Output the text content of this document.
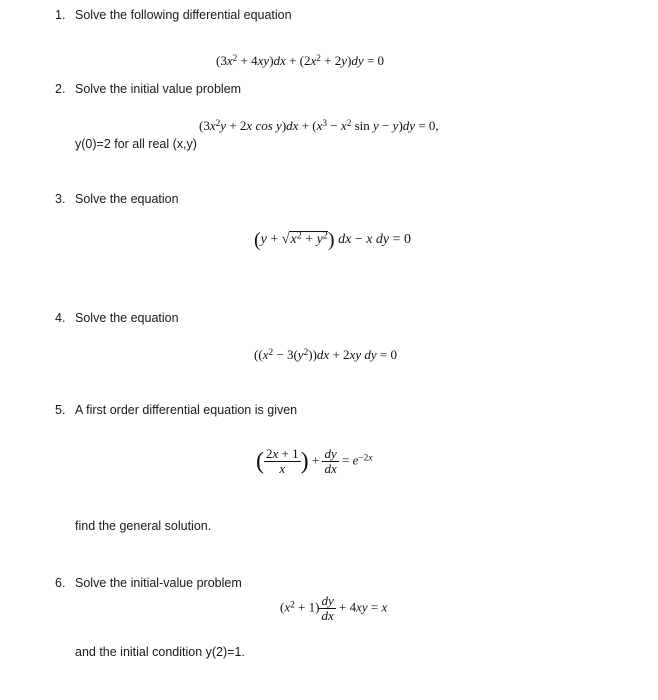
1. Solve the following differential equation
$(3x^2 + 4xy)dx + (2x^2 + 2y)dy = 0$
2. Solve the initial value problem
($3x^2y + 2x$ $\cos y)dx + (x^3 - x^2$ sin y − y)dy = 0,
y(0)=2 for all real (x,y)
3. Solve the equation
$(y + √x^2 + y^2)$ dx − x dy = 0
4. Solve the equation
($(x^2 - 3(y^2))dx + 2xy$ dy = 0
5. A first order differential equation is given
( $\frac{2x + 1}{x}$ ) + $\frac{dy}{dx} = e^{-2x}$
find the general solution.
6. Solve the initial-value problem
$(x^2 + 1) \frac{dy}{dx} + 4xy = x$
and the initial condition y(2)=1.
